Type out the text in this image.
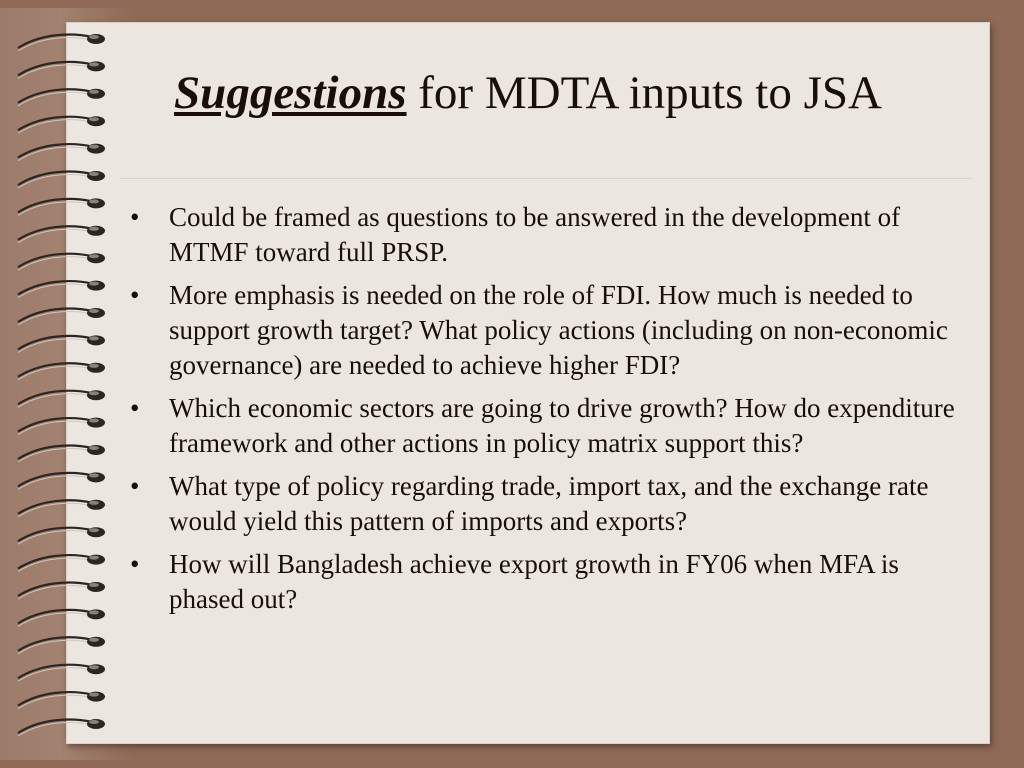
Suggestions for MDTA inputs to JSA
• Could be framed as questions to be answered in the development of MTMF toward full PRSP.
• More emphasis is needed on the role of FDI. How much is needed to support growth target? What policy actions (including on non-economic governance) are needed to achieve higher FDI?
• Which economic sectors are going to drive growth? How do expenditure framework and other actions in policy matrix support this?
• What type of policy regarding trade, import tax, and the exchange rate would yield this pattern of imports and exports?
• How will Bangladesh achieve export growth in FY06 when MFA is phased out?
